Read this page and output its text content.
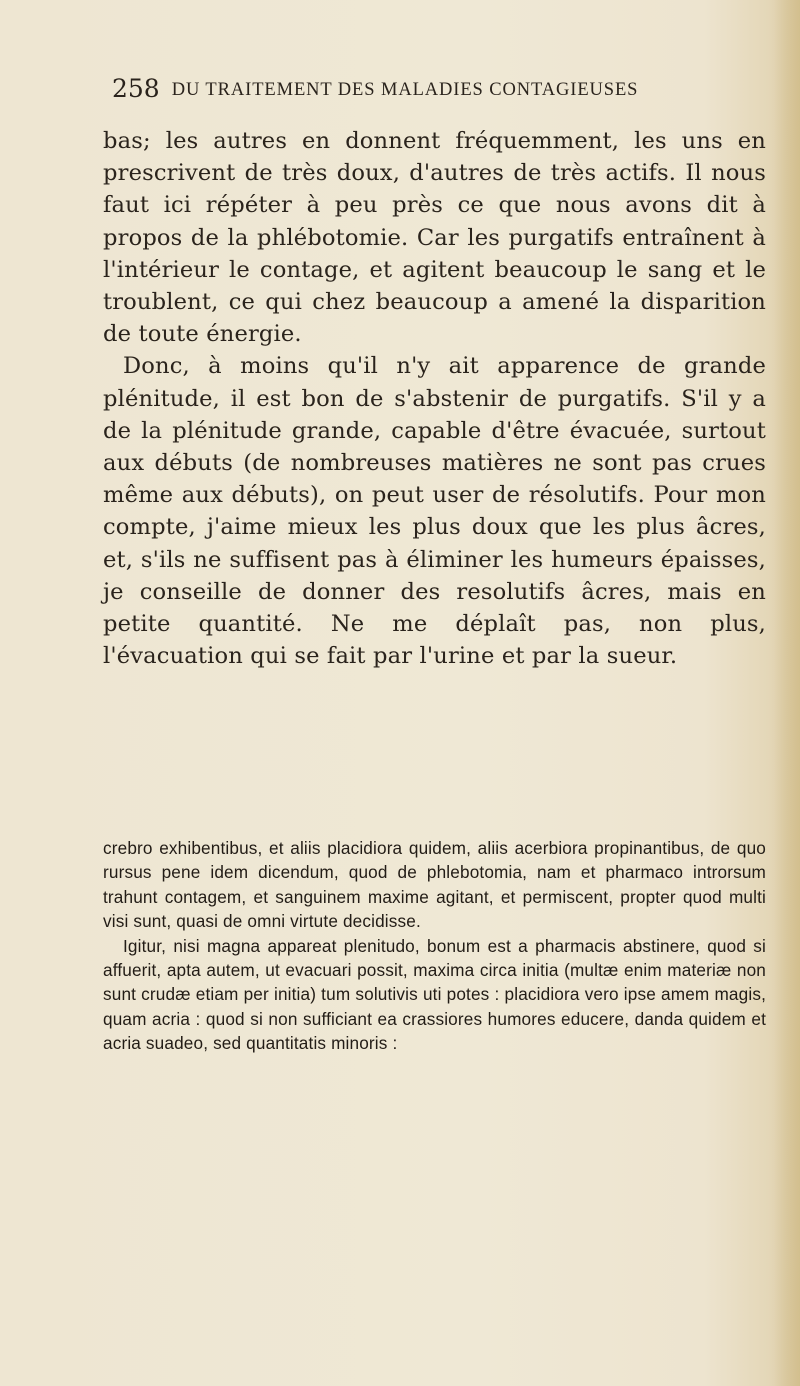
258 DU TRAITEMENT DES MALADIES CONTAGIEUSES

bas; les autres en donnent fréquemment, les uns en prescrivent de très doux, d'autres de très actifs. Il nous faut ici répéter à peu près ce que nous avons dit à propos de la phlébotomie. Car les purgatifs entraînent à l'intérieur le contage, et agitent beaucoup le sang et le troublent, ce qui chez beaucoup a amené la disparition de toute énergie.

Donc, à moins qu'il n'y ait apparence de grande plénitude, il est bon de s'abstenir de purgatifs. S'il y a de la plénitude grande, capable d'être évacuée, surtout aux débuts (de nombreuses matières ne sont pas crues même aux débuts), on peut user de résolutifs. Pour mon compte, j'aime mieux les plus doux que les plus âcres, et, s'ils ne suffisent pas à éliminer les humeurs épaisses, je conseille de donner des resolutifs âcres, mais en petite quantité. Ne me déplaît pas, non plus, l'évacuation qui se fait par l'urine et par la sueur.

crebro exhibentibus, et aliis placidiora quidem, aliis acerbiora propinantibus, de quo rursus pene idem dicendum, quod de phlebotomia, nam et pharmaco introrsum trahunt contagem, et sanguinem maxime agitant, et permiscent, propter quod multi visi sunt, quasi de omni virtute decidisse.

Igitur, nisi magna appareat plenitudo, bonum est a pharmacis abstinere, quod si affuerit, apta autem, ut evacuari possit, maxima circa initia (multæ enim materiæ non sunt crudæ etiam per initia) tum solutivis uti potes : placidiora vero ipse amem magis, quam acria : quod si non sufficiant ea crassiores humores educere, danda quidem et acria suadeo, sed quantitatis minoris :
